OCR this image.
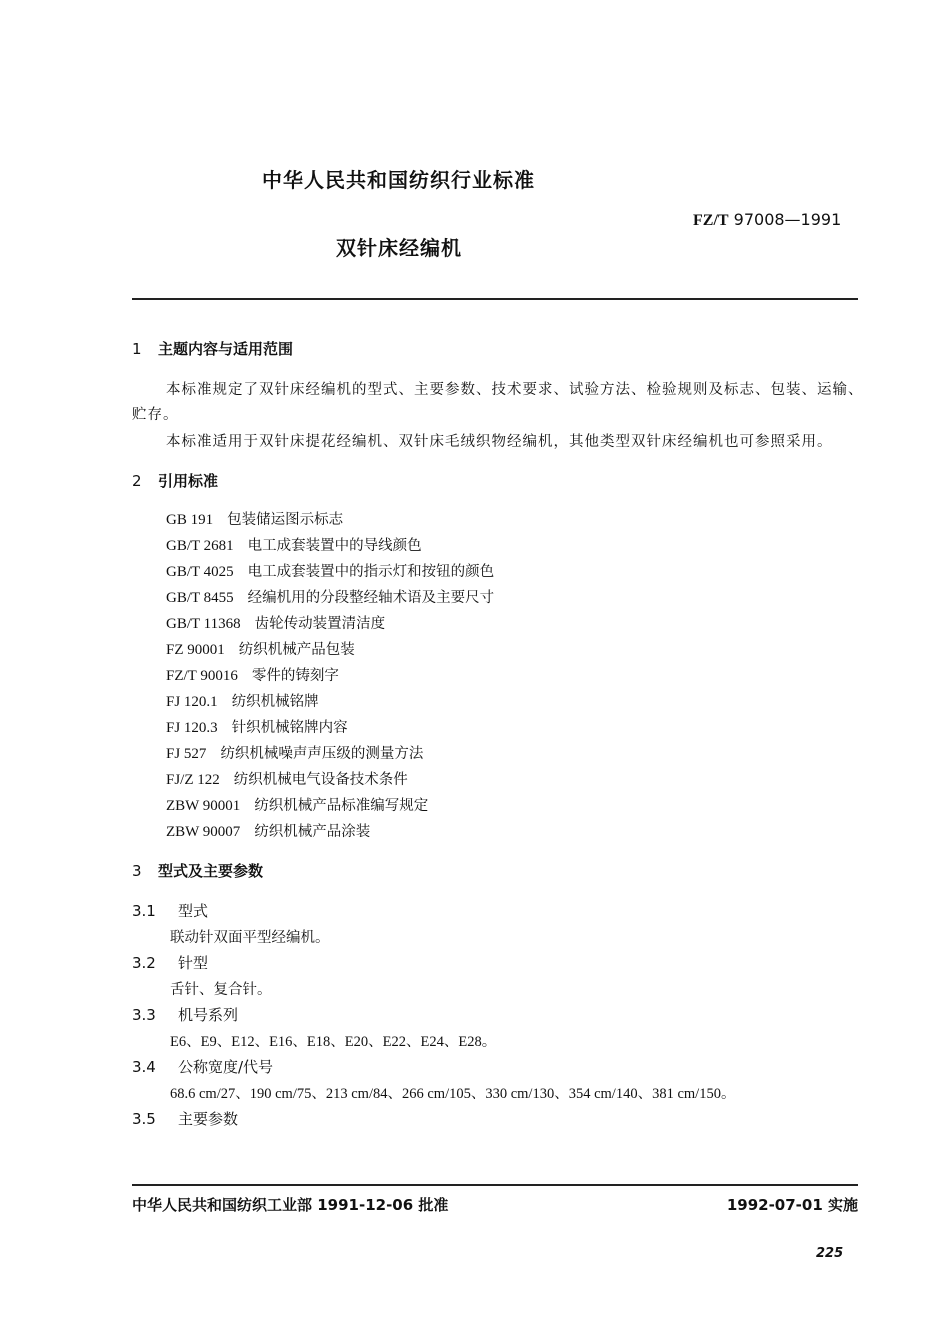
中华人民共和国纺织行业标准
FZ/T 97008—1991
双针床经编机
1 主题内容与适用范围
本标准规定了双针床经编机的型式、主要参数、技术要求、试验方法、检验规则及标志、包装、运输、
贮存。
本标准适用于双针床提花经编机、双针床毛绒织物经编机，其他类型双针床经编机也可参照采用。
2 引用标准
GB 191 包装储运图示标志
GB/T 2681 电工成套装置中的导线颜色
GB/T 4025 电工成套装置中的指示灯和按钮的颜色
GB/T 8455 经编机用的分段整经轴术语及主要尺寸
GB/T 11368 齿轮传动装置清洁度
FZ 90001 纺织机械产品包装
FZ/T 90016 零件的铸刻字
FJ 120.1 纺织机械铭牌
FJ 120.3 针织机械铭牌内容
FJ 527 纺织机械噪声声压级的测量方法
FJ/Z 122 纺织机械电气设备技术条件
ZBW 90001 纺织机械产品标准编写规定
ZBW 90007 纺织机械产品涂装
3 型式及主要参数
3.1 型式
联动针双面平型经编机。
3.2 针型
舌针、复合针。
3.3 机号系列
E6、E9、E12、E16、E18、E20、E22、E24、E28。
3.4 公称宽度/代号
68.6 cm/27、190 cm/75、213 cm/84、266 cm/105、330 cm/130、354 cm/140、381 cm/150。
3.5 主要参数
中华人民共和国纺织工业部 1991-12-06 批准	1992-07-01 实施
225
